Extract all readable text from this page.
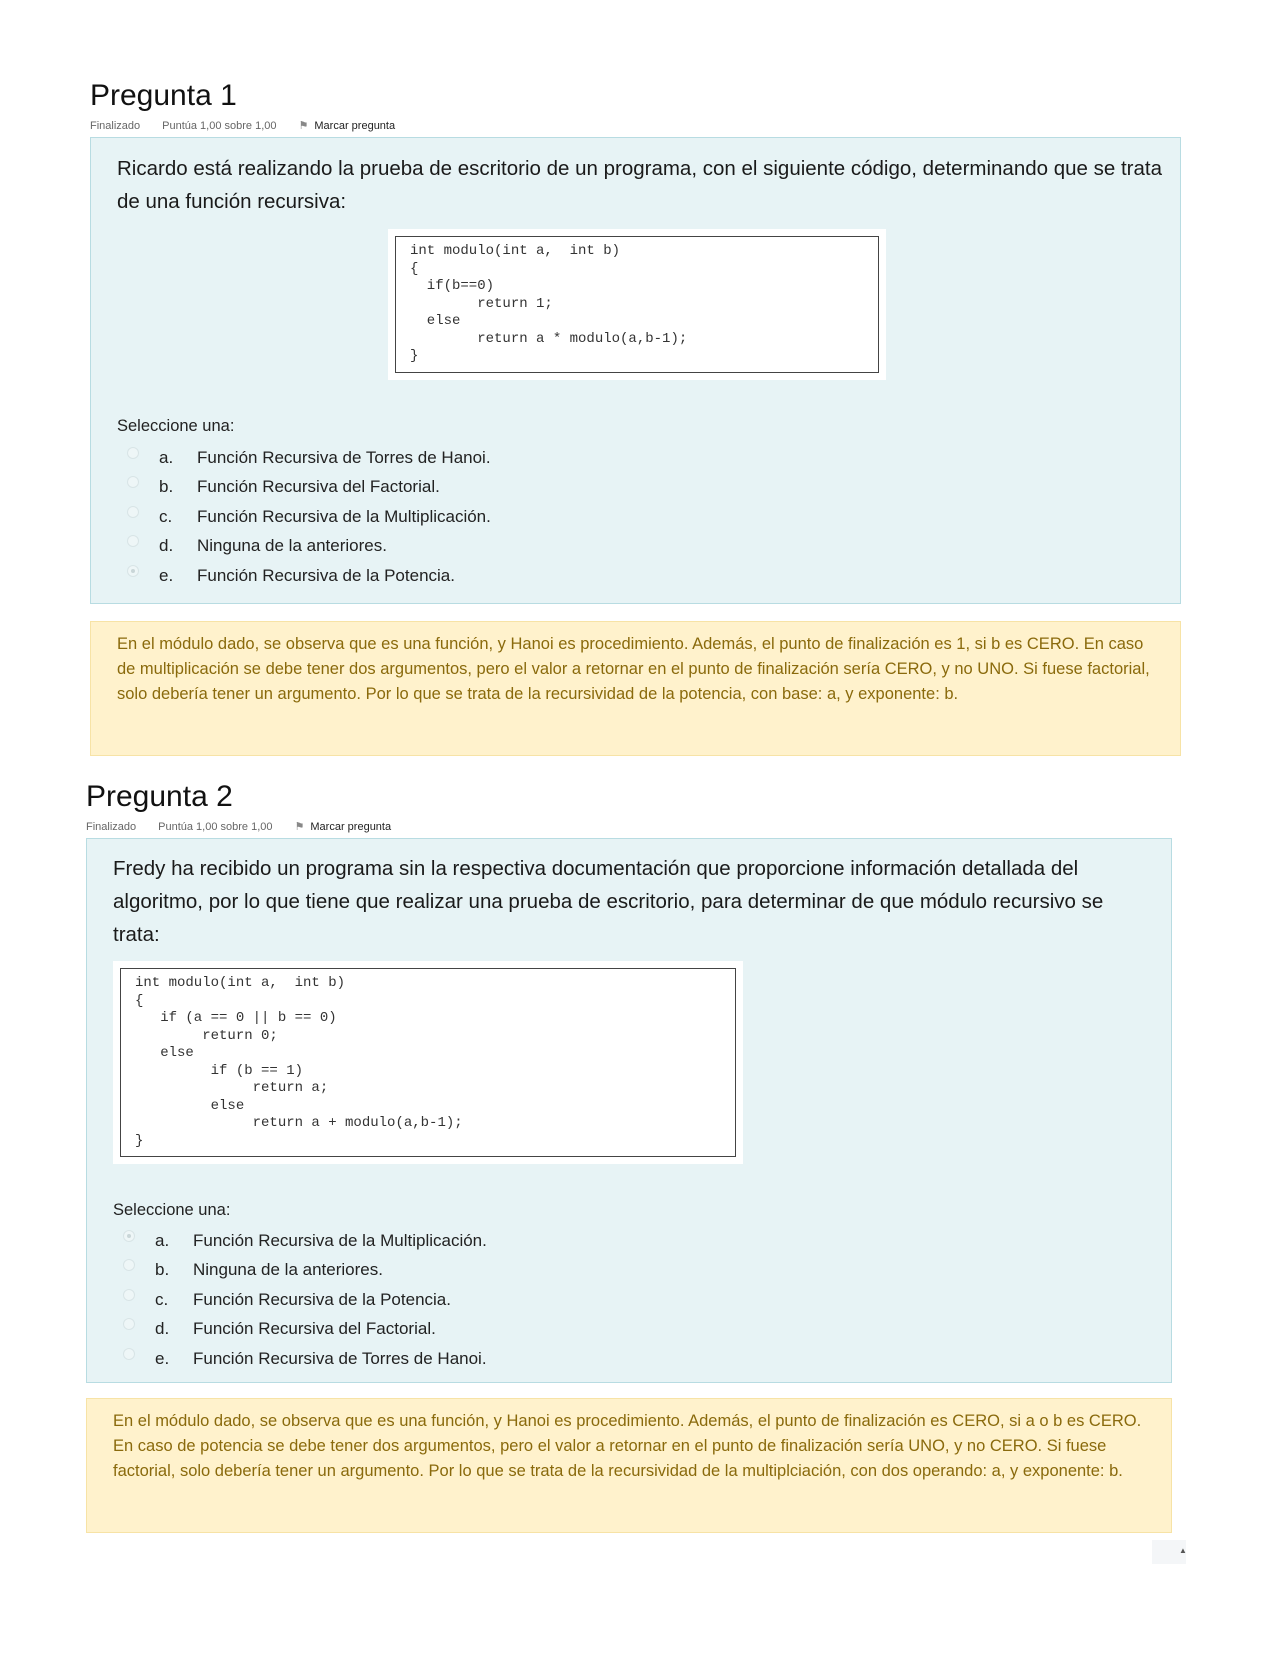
Pregunta 1
Finalizado Puntúa 1,00 sobre 1,00 ⚑ Marcar pregunta
Ricardo está realizando la prueba de escritorio de un programa, con el siguiente código, determinando que se trata de una función recursiva:
int modulo(int a,  int b)
{
if(b==0)
return 1;
else
return a * modulo(a,b-1);
}
Seleccione una:
a.	Función Recursiva de Torres de Hanoi.
b.	Función Recursiva del Factorial.
c.	Función Recursiva de la Multiplicación.
d.	Ninguna de la anteriores.
e.	Función Recursiva de la Potencia.
En el módulo dado, se observa que es una función, y Hanoi es procedimiento. Además, el punto de finalización es 1, si b es CERO. En caso de multiplicación se debe tener dos argumentos, pero el valor a retornar en el punto de finalización sería CERO, y no UNO. Si fuese factorial, solo debería tener un argumento. Por lo que se trata de la recursividad de la potencia, con base: a, y exponente: b.
Pregunta 2
Finalizado Puntúa 1,00 sobre 1,00 ⚑ Marcar pregunta
Fredy ha recibido un programa sin la respectiva documentación que proporcione información detallada del algoritmo, por lo que tiene que realizar una prueba de escritorio, para determinar de que módulo recursivo se trata:
int modulo(int a,  int b)
{
if (a == 0 || b == 0)
return 0;
else
if (b == 1)
return a;
else
return a + modulo(a,b-1);
}
Seleccione una:
a.	Función Recursiva de la Multiplicación.
b.	Ninguna de la anteriores.
c.	Función Recursiva de la Potencia.
d.	Función Recursiva del Factorial.
e.	Función Recursiva de Torres de Hanoi.
En el módulo dado, se observa que es una función, y Hanoi es procedimiento. Además, el punto de finalización es CERO, si a o b es CERO. En caso de potencia se debe tener dos argumentos, pero el valor a retornar en el punto de finalización sería UNO, y no CERO. Si fuese factorial, solo debería tener un argumento. Por lo que se trata de la recursividad de la multiplciación, con dos operando: a, y exponente: b.
▲
